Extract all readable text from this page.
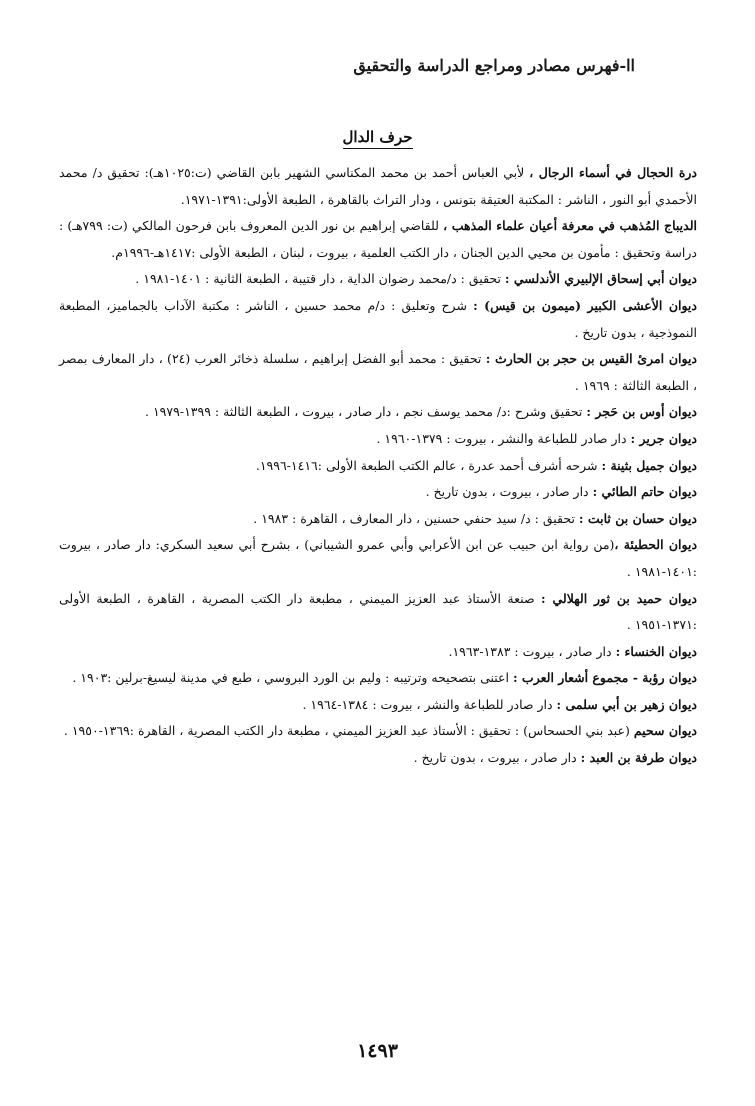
اا-فهرس مصادر ومراجع الدراسة والتحقيق
حرف الدال

درة الحجال في أسماء الرجال ، لأبي العباس أحمد بن محمد المكناسي الشهير بابن القاضي (ت:١٠٢٥هـ): تحقيق د/ محمد الأحمدي أبو النور ، الناشر : المكتبة العتيقة بتونس ، ودار التراث بالقاهرة ، الطبعة الأولى:١٣٩١-١٩٧١.

الديباج المُذهب في معرفة أعيان علماء المذهب ، للقاضي إبراهيم بن نور الدين المعروف بابن فرحون المالكي (ت: ٧٩٩هـ) : دراسة وتحقيق : مأمون بن محيي الدين الجنان ، دار الكتب العلمية ، بيروت ، لبنان ، الطبعة الأولى :١٤١٧هـ-١٩٩٦م.

ديوان أبي إسحاق الإلبيري الأندلسي : تحقيق : د/محمد رضوان الداية ، دار قتيبة ، الطبعة الثانية : ١٤٠١-١٩٨١ .

ديوان الأعشى الكبير (ميمون بن قيس) : شرح وتعليق : د/م محمد حسين ، الناشر : مكتبة الآداب بالجماميز، المطبعة النموذجية ، بدون تاريخ .

ديوان امرئ القيس بن حجر بن الحارث : تحقيق : محمد أبو الفضل إبراهيم ، سلسلة ذخائر العرب (٢٤) ، دار المعارف بمصر ، الطبعة الثالثة : ١٩٦٩ .

ديوان أوس بن حَجر : تحقيق وشرح :د/ محمد يوسف نجم ، دار صادر ، بيروت ، الطبعة الثالثة : ١٣٩٩-١٩٧٩ .

ديوان جرير : دار صادر للطباعة والنشر ، بيروت : ١٣٧٩-١٩٦٠ .

ديوان جميل بثينة : شرحه أشرف أحمد عدرة ، عالم الكتب الطبعة الأولى :١٤١٦-١٩٩٦.

ديوان حاتم الطائي : دار صادر ، بيروت ، بدون تاريخ .

ديوان حسان بن ثابت : تحقيق : د/ سيد حنفي حسنين ، دار المعارف ، القاهرة : ١٩٨٣ .

ديوان الحطيئة ،(من رواية ابن حبيب عن ابن الأعرابي وأبي عمرو الشيباني) ، بشرح أبي سعيد السكري: دار صادر ، بيروت :١٤٠١-١٩٨١ .

ديوان حميد بن ثور الهلالي : صنعة الأستاذ عبد العزيز الميمني ، مطبعة دار الكتب المصرية ، القاهرة ، الطبعة الأولى :١٣٧١-١٩٥١ .

ديوان الخنساء : دار صادر ، بيروت : ١٣٨٣-١٩٦٣.

ديوان رؤبة - مجموع أشعار العرب : اعتنى بتصحيحه وترتيبه : وليم بن الورد البروسي ، طبع في مدينة ليسيغ-برلين :١٩٠٣ .

ديوان زهير بن أبي سلمى : دار صادر للطباعة والنشر ، بيروت : ١٣٨٤-١٩٦٤ .

ديوان سحيم (عبد بني الحسحاس) : تحقيق : الأستاذ عبد العزيز الميمني ، مطبعة دار الكتب المصرية ، القاهرة :١٣٦٩-١٩٥٠ .

ديوان طرفة بن العبد : دار صادر ، بيروت ، بدون تاريخ .

١٤٩٣
